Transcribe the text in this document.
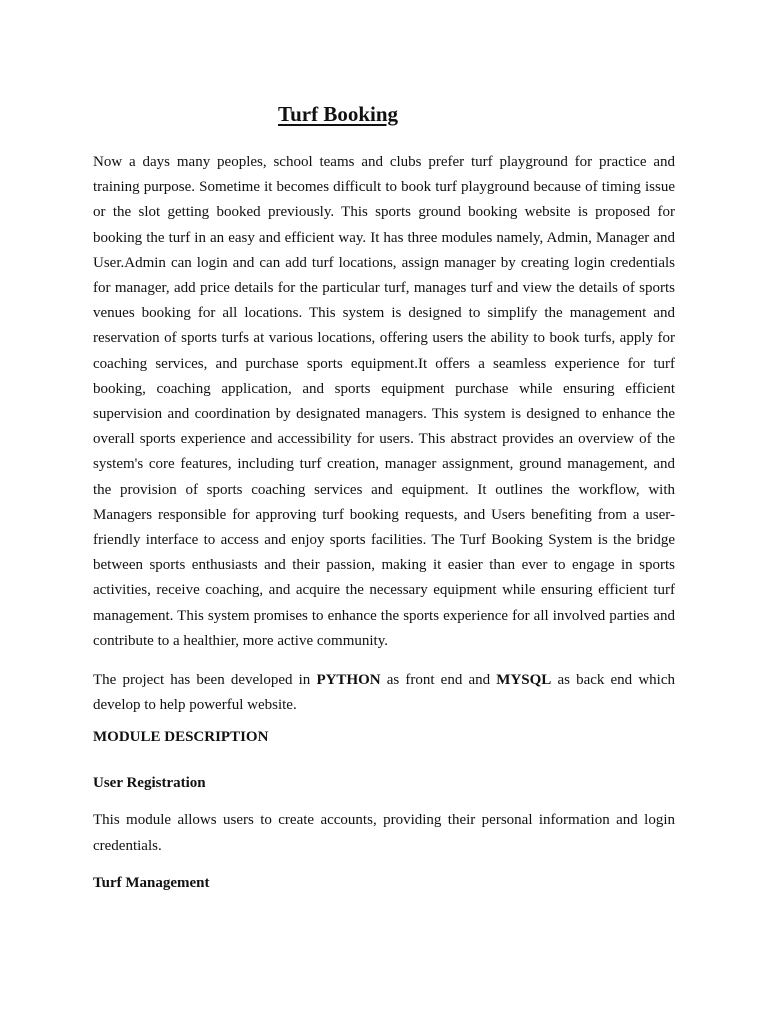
Turf Booking

Now a days many peoples, school teams and clubs prefer turf playground for practice and training purpose. Sometime it becomes difficult to book turf playground because of timing issue or the slot getting booked previously. This sports ground booking website is proposed for booking the turf in an easy and efficient way. It has three modules namely, Admin, Manager and User.Admin can login and can add turf locations, assign manager by creating login credentials for manager, add price details for the particular turf, manages turf and view the details of sports venues booking for all locations. This system is designed to simplify the management and reservation of sports turfs at various locations, offering users the ability to book turfs, apply for coaching services, and purchase sports equipment.It offers a seamless experience for turf booking, coaching application, and sports equipment purchase while ensuring efficient supervision and coordination by designated managers. This system is designed to enhance the overall sports experience and accessibility for users. This abstract provides an overview of the system's core features, including turf creation, manager assignment, ground management, and the provision of sports coaching services and equipment. It outlines the workflow, with Managers responsible for approving turf booking requests, and Users benefiting from a user-friendly interface to access and enjoy sports facilities. The Turf Booking System is the bridge between sports enthusiasts and their passion, making it easier than ever to engage in sports activities, receive coaching, and acquire the necessary equipment while ensuring efficient turf management. This system promises to enhance the sports experience for all involved parties and contribute to a healthier, more active community.

The project has been developed in PYTHON as front end and MYSQL as back end which develop to help powerful website.

MODULE DESCRIPTION
User Registration

This module allows users to create accounts, providing their personal information and login credentials.

Turf Management
